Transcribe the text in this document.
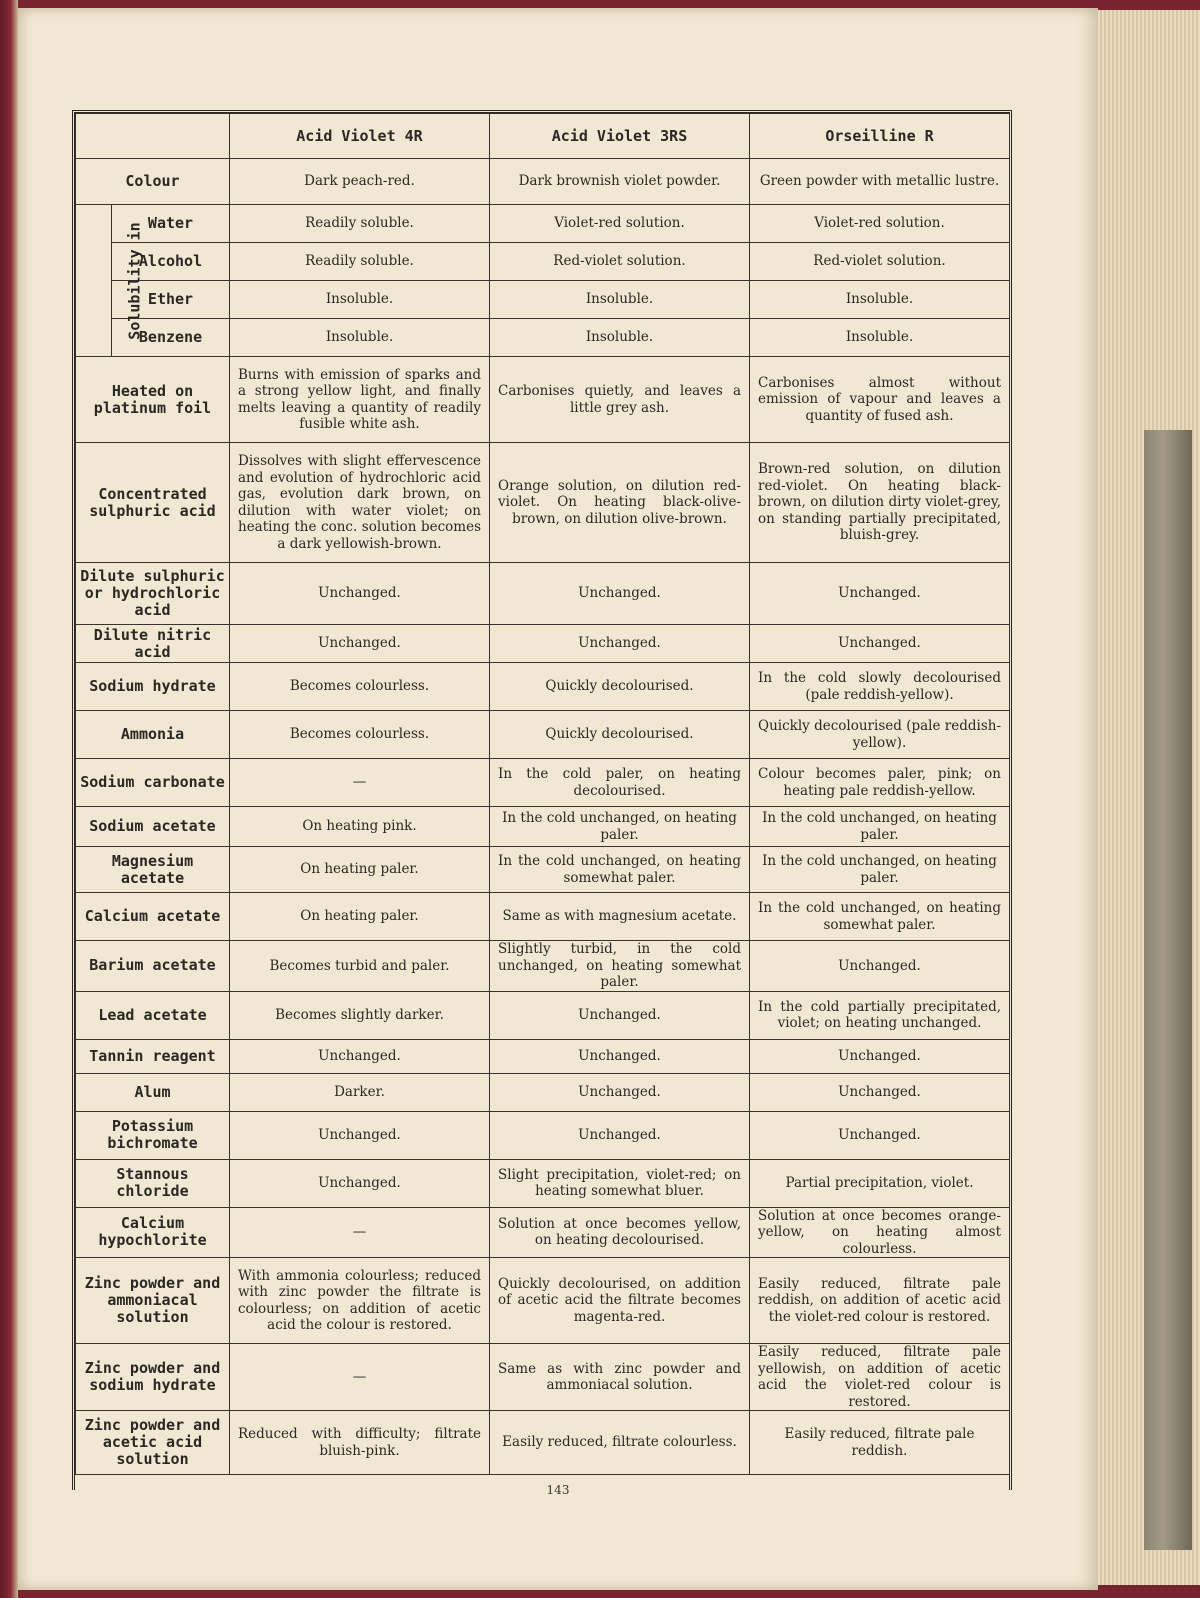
		Acid Violet 4R	Acid Violet 3RS	Orseilline R
Colour		Dark peach-red.	Dark brownish violet powder.	Green powder with metallic lustre.
Solubility in	Water	Readily soluble.	Violet-red solution.	Violet-red solution.
	Alcohol	Readily soluble.	Red-violet solution.	Red-violet solution.
	Ether	Insoluble.	Insoluble.	Insoluble.
	Benzene	Insoluble.	Insoluble.	Insoluble.
Heated on platinum foil		Burns with emission of sparks and a strong yellow light, and finally melts leaving a quantity of readily fusible white ash.	Carbonises quietly, and leaves a little grey ash.	Carbonises almost without emission of vapour and leaves a quantity of fused ash.
Concentrated sulphuric acid		Dissolves with slight effervescence and evolution of hydrochloric acid gas, evolution dark brown, on dilution with water violet; on heating the conc. solution becomes a dark yellowish-brown.	Orange solution, on dilution red-violet. On heating black-olive-brown, on dilution olive-brown.	Brown-red solution, on dilution red-violet. On heating black-brown, on dilution dirty violet-grey, on standing partially precipitated, bluish-grey.
Dilute sulphuric or hydrochloric acid		Unchanged.	Unchanged.	Unchanged.
Dilute nitric acid		Unchanged.	Unchanged.	Unchanged.
Sodium hydrate		Becomes colourless.	Quickly decolourised.	In the cold slowly decolourised (pale reddish-yellow).
Ammonia		Becomes colourless.	Quickly decolourised.	Quickly decolourised (pale reddish-yellow).
Sodium carbonate		—	In the cold paler, on heating decolourised.	Colour becomes paler, pink; on heating pale reddish-yellow.
Sodium acetate		On heating pink.	In the cold unchanged, on heating paler.	In the cold unchanged, on heating paler.
Magnesium acetate		On heating paler.	In the cold unchanged, on heating somewhat paler.	In the cold unchanged, on heating paler.
Calcium acetate		On heating paler.	Same as with magnesium acetate.	In the cold unchanged, on heating somewhat paler.
Barium acetate		Becomes turbid and paler.	Slightly turbid, in the cold unchanged, on heating somewhat paler.	Unchanged.
Lead acetate		Becomes slightly darker.	Unchanged.	In the cold partially precipitated, violet; on heating unchanged.
Tannin reagent		Unchanged.	Unchanged.	Unchanged.
Alum		Darker.	Unchanged.	Unchanged.
Potassium bichromate		Unchanged.	Unchanged.	Unchanged.
Stannous chloride		Unchanged.	Slight precipitation, violet-red; on heating somewhat bluer.	Partial precipitation, violet.
Calcium hypochlorite		—	Solution at once becomes yellow, on heating decolourised.	Solution at once becomes orange-yellow, on heating almost colourless.
Zinc powder and ammoniacal solution		With ammonia colourless; reduced with zinc powder the filtrate is colourless; on addition of acetic acid the colour is restored.	Quickly decolourised, on addition of acetic acid the filtrate becomes magenta-red.	Easily reduced, filtrate pale reddish, on addition of acetic acid the violet-red colour is restored.
Zinc powder and sodium hydrate		—	Same as with zinc powder and ammoniacal solution.	Easily reduced, filtrate pale yellowish, on addition of acetic acid the violet-red colour is restored.
Zinc powder and acetic acid solution		Reduced with difficulty; filtrate bluish-pink.	Easily reduced, filtrate colourless.	Easily reduced, filtrate pale reddish.
143
